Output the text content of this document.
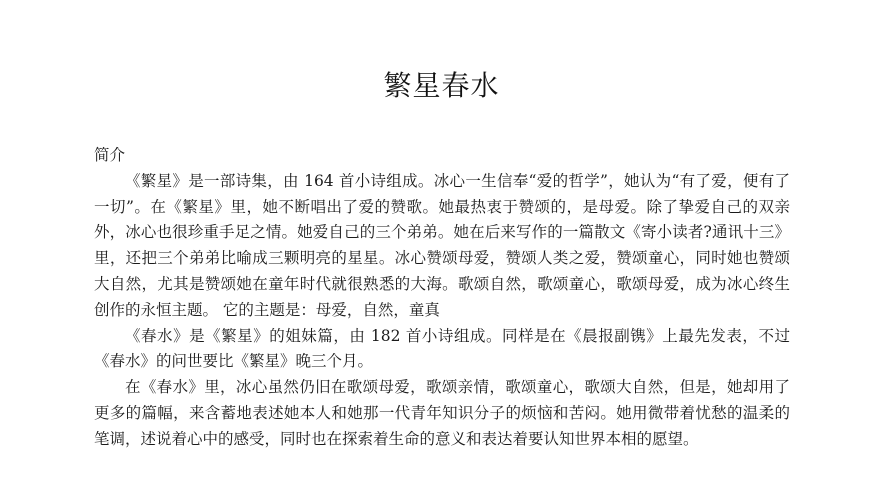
繁星春水

简介

《繁星》是一部诗集，由 164 首小诗组成。冰心一生信奉“爱的哲学”，她认为“有了爱，便有了一切”。在《繁星》里，她不断唱出了爱的赞歌。她最热衷于赞颂的，是母爱。除了挚爱自己的双亲外，冰心也很珍重手足之情。她爱自己的三个弟弟。她在后来写作的一篇散文《寄小读者?通讯十三》里，还把三个弟弟比喻成三颗明亮的星星。冰心赞颂母爱，赞颂人类之爱，赞颂童心，同时她也赞颂大自然，尤其是赞颂她在童年时代就很熟悉的大海。歌颂自然，歌颂童心，歌颂母爱，成为冰心终生创作的永恒主题。 它的主题是：母爱，自然，童真

《春水》是《繁星》的姐妹篇，由 182 首小诗组成。同样是在《晨报副镌》上最先发表，不过《春水》的问世要比《繁星》晚三个月。

在《春水》里，冰心虽然仍旧在歌颂母爱，歌颂亲情，歌颂童心，歌颂大自然，但是，她却用了更多的篇幅，来含蓄地表述她本人和她那一代青年知识分子的烦恼和苦闷。她用微带着忧愁的温柔的笔调，述说着心中的感受，同时也在探索着生命的意义和表达着要认知世界本相的愿望。
